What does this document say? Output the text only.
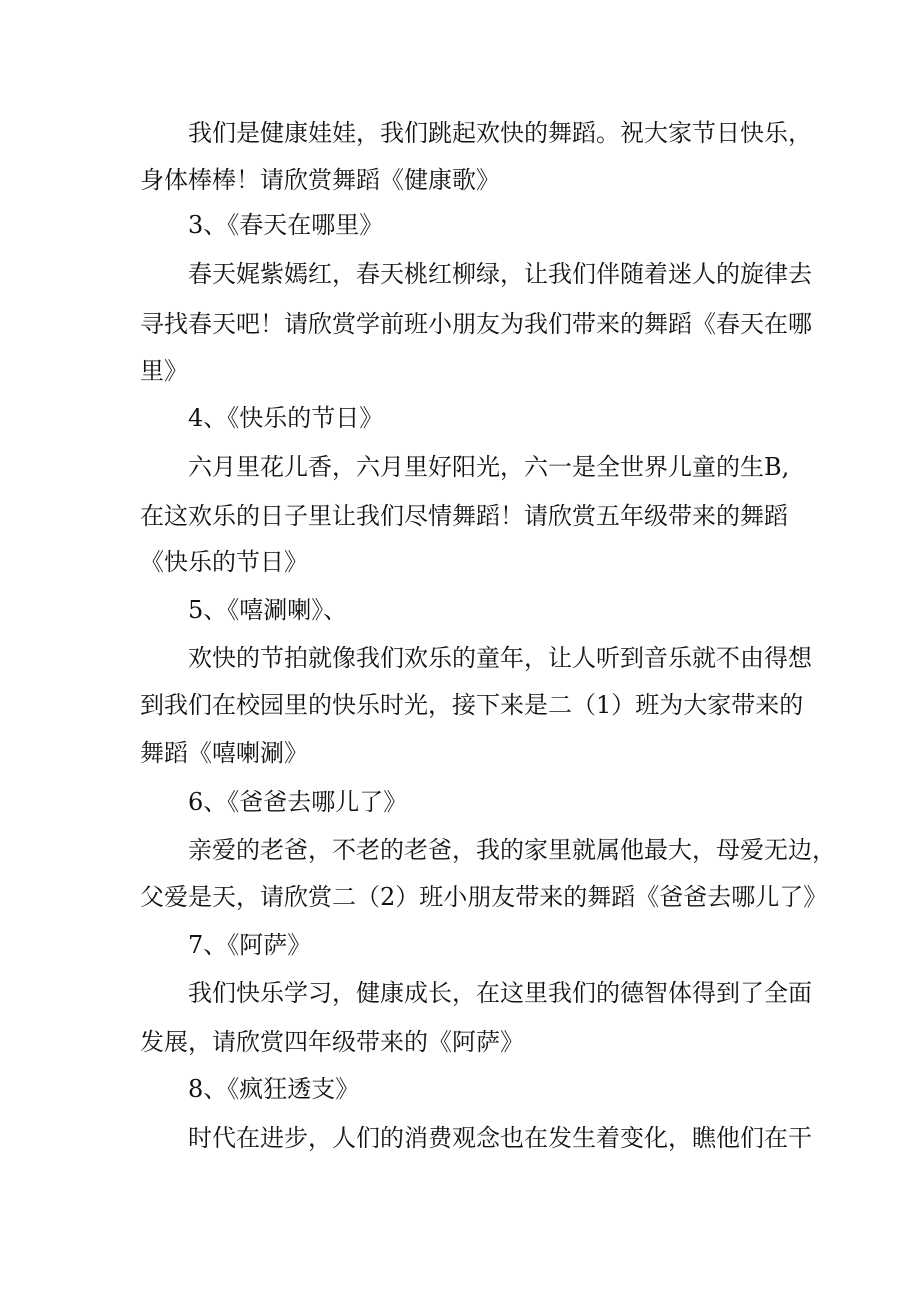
我们是健康娃娃，我们跳起欢快的舞蹈。祝大家节日快乐，

身体棒棒！请欣赏舞蹈《健康歌》

3、《春天在哪里》

春天娓紫嫣红，春天桃红柳绿，让我们伴随着迷人的旋律去

寻找春天吧！请欣赏学前班小朋友为我们带来的舞蹈《春天在哪

里》

4、《快乐的节日》

六月里花儿香，六月里好阳光，六一是全世界儿童的生B,

在这欢乐的日子里让我们尽情舞蹈！请欣赏五年级带来的舞蹈

《快乐的节日》

5、《嘻涮喇》、

欢快的节拍就像我们欢乐的童年，让人听到音乐就不由得想

到我们在校园里的快乐时光，接下来是二（1）班为大家带来的

舞蹈《嘻喇涮》

6、《爸爸去哪儿了》

亲爱的老爸，不老的老爸，我的家里就属他最大，母爱无边，

父爱是天，请欣赏二（2）班小朋友带来的舞蹈《爸爸去哪儿了》

7、《阿萨》

我们快乐学习，健康成长，在这里我们的德智体得到了全面

发展，请欣赏四年级带来的《阿萨》

8、《疯狂透支》

时代在进步，人们的消费观念也在发生着变化，瞧他们在干
